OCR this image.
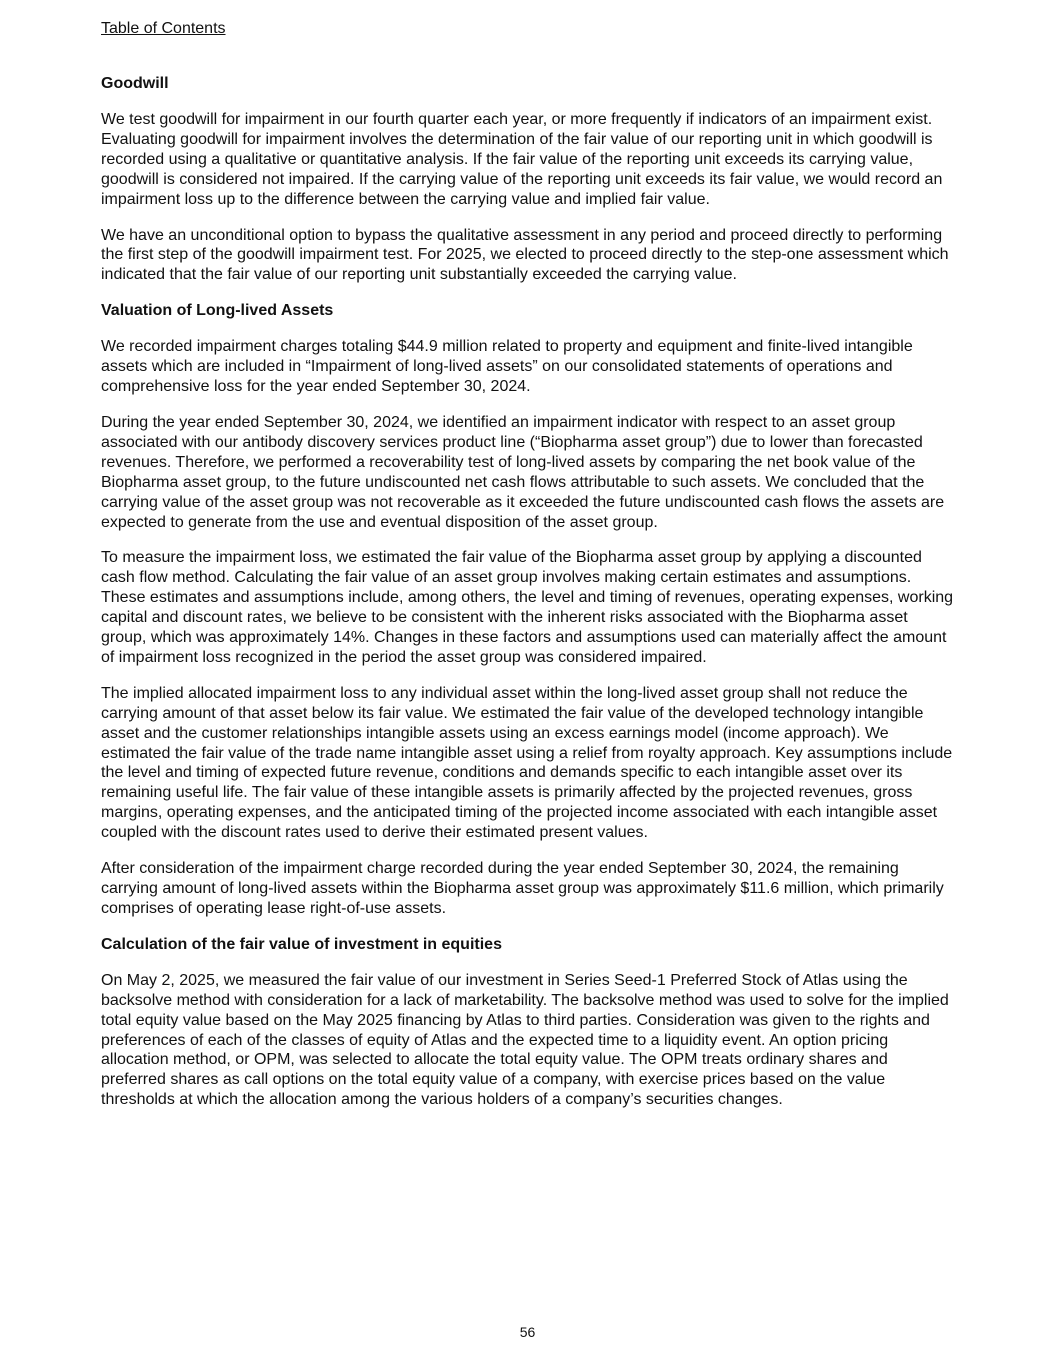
Table of Contents
Goodwill

We test goodwill for impairment in our fourth quarter each year, or more frequently if indicators of an impairment exist. Evaluating goodwill for impairment involves the determination of the fair value of our reporting unit in which goodwill is recorded using a qualitative or quantitative analysis. If the fair value of the reporting unit exceeds its carrying value, goodwill is considered not impaired. If the carrying value of the reporting unit exceeds its fair value, we would record an impairment loss up to the difference between the carrying value and implied fair value.

We have an unconditional option to bypass the qualitative assessment in any period and proceed directly to performing the first step of the goodwill impairment test. For 2025, we elected to proceed directly to the step-one assessment which indicated that the fair value of our reporting unit substantially exceeded the carrying value.

Valuation of Long-lived Assets

We recorded impairment charges totaling $44.9 million related to property and equipment and finite-lived intangible assets which are included in “Impairment of long-lived assets” on our consolidated statements of operations and comprehensive loss for the year ended September 30, 2024.

During the year ended September 30, 2024, we identified an impairment indicator with respect to an asset group associated with our antibody discovery services product line (“Biopharma asset group”) due to lower than forecasted revenues. Therefore, we performed a recoverability test of long-lived assets by comparing the net book value of the Biopharma asset group, to the future undiscounted net cash flows attributable to such assets. We concluded that the carrying value of the asset group was not recoverable as it exceeded the future undiscounted cash flows the assets are expected to generate from the use and eventual disposition of the asset group.

To measure the impairment loss, we estimated the fair value of the Biopharma asset group by applying a discounted cash flow method. Calculating the fair value of an asset group involves making certain estimates and assumptions. These estimates and assumptions include, among others, the level and timing of revenues, operating expenses, working capital and discount rates, we believe to be consistent with the inherent risks associated with the Biopharma asset group, which was approximately 14%. Changes in these factors and assumptions used can materially affect the amount of impairment loss recognized in the period the asset group was considered impaired.

The implied allocated impairment loss to any individual asset within the long-lived asset group shall not reduce the carrying amount of that asset below its fair value. We estimated the fair value of the developed technology intangible asset and the customer relationships intangible assets using an excess earnings model (income approach). We estimated the fair value of the trade name intangible asset using a relief from royalty approach. Key assumptions include the level and timing of expected future revenue, conditions and demands specific to each intangible asset over its remaining useful life. The fair value of these intangible assets is primarily affected by the projected revenues, gross margins, operating expenses, and the anticipated timing of the projected income associated with each intangible asset coupled with the discount rates used to derive their estimated present values.

After consideration of the impairment charge recorded during the year ended September 30, 2024, the remaining carrying amount of long-lived assets within the Biopharma asset group was approximately $11.6 million, which primarily comprises of operating lease right-of-use assets.

Calculation of the fair value of investment in equities

On May 2, 2025, we measured the fair value of our investment in Series Seed-1 Preferred Stock of Atlas using the backsolve method with consideration for a lack of marketability. The backsolve method was used to solve for the implied total equity value based on the May 2025 financing by Atlas to third parties. Consideration was given to the rights and preferences of each of the classes of equity of Atlas and the expected time to a liquidity event. An option pricing allocation method, or OPM, was selected to allocate the total equity value. The OPM treats ordinary shares and preferred shares as call options on the total equity value of a company, with exercise prices based on the value thresholds at which the allocation among the various holders of a company’s securities changes.

56
